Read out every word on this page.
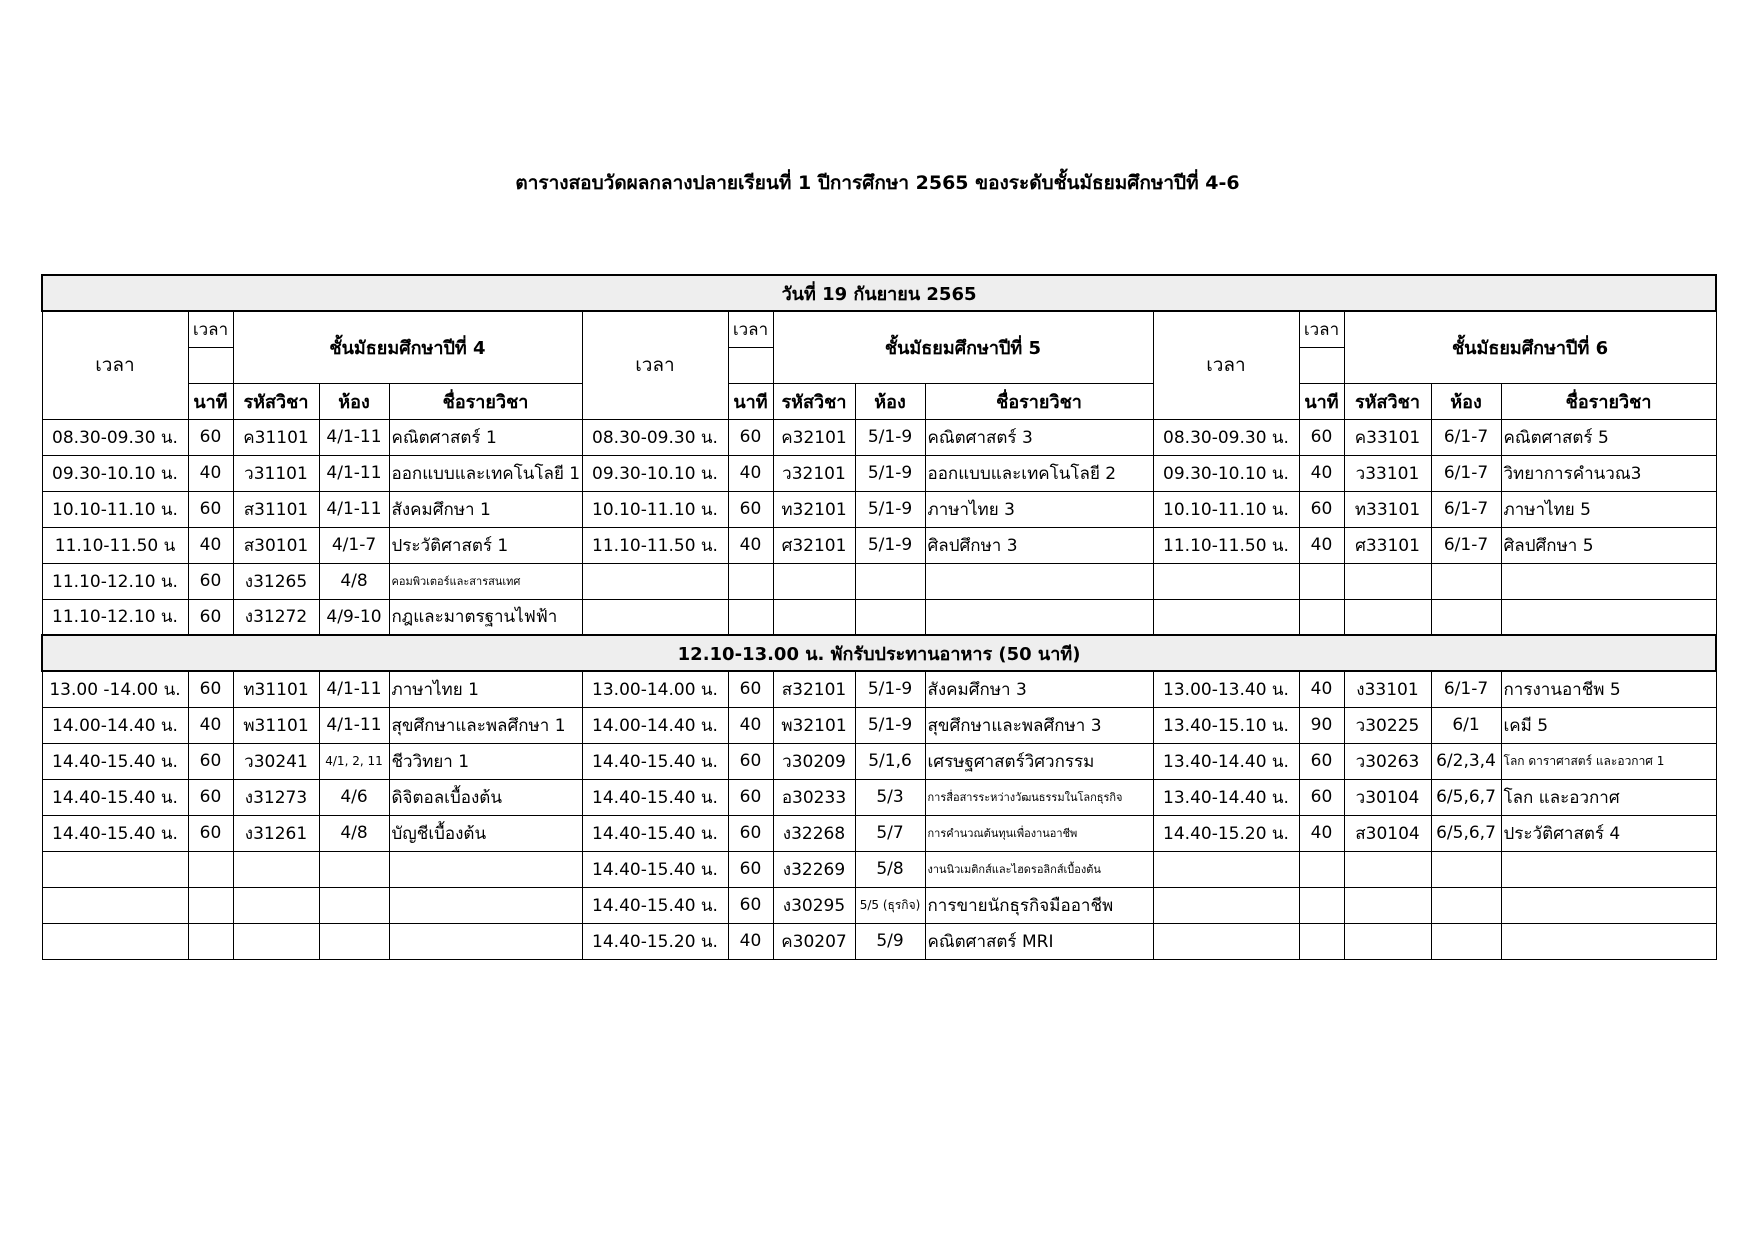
ตารางสอบวัดผลกลางปลายเรียนที่ 1 ปีการศึกษา 2565 ของระดับชั้นมัธยมศึกษาปีที่ 4-6
วันที่ 19 กันยายน 2565														
เวลา	เวลา	ชั้นมัธยมศึกษาปีที่ 4			เวลา	เวลา	ชั้นมัธยมศึกษาปีที่ 5			เวลา	เวลา	ชั้นมัธยมศึกษาปีที่ 6		

	นาที	รหัสวิชา	ห้อง	ชื่อรายวิชา		นาที	รหัสวิชา	ห้อง	ชื่อรายวิชา		นาที	รหัสวิชา	ห้อง	ชื่อรายวิชา
08.30-09.30 น.	60	ค31101	4/1-11	คณิตศาสตร์ 1	08.30-09.30 น.	60	ค32101	5/1-9	คณิตศาสตร์ 3	08.30-09.30 น.	60	ค33101	6/1-7	คณิตศาสตร์ 5
09.30-10.10 น.	40	ว31101	4/1-11	ออกแบบและเทคโนโลยี 1	09.30-10.10 น.	40	ว32101	5/1-9	ออกแบบและเทคโนโลยี 2	09.30-10.10 น.	40	ว33101	6/1-7	วิทยาการคำนวณ3
10.10-11.10 น.	60	ส31101	4/1-11	สังคมศึกษา 1	10.10-11.10 น.	60	ท32101	5/1-9	ภาษาไทย 3	10.10-11.10 น.	60	ท33101	6/1-7	ภาษาไทย 5
11.10-11.50 น	40	ส30101	4/1-7	ประวัติศาสตร์ 1	11.10-11.50 น.	40	ศ32101	5/1-9	ศิลปศึกษา 3	11.10-11.50 น.	40	ศ33101	6/1-7	ศิลปศึกษา 5
11.10-12.10 น.	60	ง31265	4/8	คอมพิวเตอร์และสารสนเทศ										
11.10-12.10 น.	60	ง31272	4/9-10	กฎและมาตรฐานไฟฟ้า										
12.10-13.00 น. พักรับประทานอาหาร (50 นาที)														
13.00 -14.00 น.	60	ท31101	4/1-11	ภาษาไทย 1	13.00-14.00 น.	60	ส32101	5/1-9	สังคมศึกษา 3	13.00-13.40 น.	40	ง33101	6/1-7	การงานอาชีพ 5
14.00-14.40 น.	40	พ31101	4/1-11	สุขศึกษาและพลศึกษา 1	14.00-14.40 น.	40	พ32101	5/1-9	สุขศึกษาและพลศึกษา 3	13.40-15.10 น.	90	ว30225	6/1	เคมี 5
14.40-15.40 น.	60	ว30241	4/1, 2, 11	ชีววิทยา 1	14.40-15.40 น.	60	ว30209	5/1,6	เศรษฐศาสตร์วิศวกรรม	13.40-14.40 น.	60	ว30263	6/2,3,4	โลก ดาราศาสตร์ และอวกาศ 1
14.40-15.40 น.	60	ง31273	4/6	ดิจิตอลเบื้องต้น	14.40-15.40 น.	60	อ30233	5/3	การสื่อสารระหว่างวัฒนธรรมในโลกธุรกิจ	13.40-14.40 น.	60	ว30104	6/5,6,7	โลก และอวกาศ
14.40-15.40 น.	60	ง31261	4/8	บัญชีเบื้องต้น	14.40-15.40 น.	60	ง32268	5/7	การคำนวณต้นทุนเพื่องานอาชีพ	14.40-15.20 น.	40	ส30104	6/5,6,7	ประวัติศาสตร์ 4
					14.40-15.40 น.	60	ง32269	5/8	งานนิวเมติกส์และไฮดรอลิกส์เบื้องต้น					
					14.40-15.40 น.	60	ง30295	5/5 (ธุรกิจ)	การขายนักธุรกิจมืออาชีพ					
					14.40-15.20 น.	40	ค30207	5/9	คณิตศาสตร์ MRI					
